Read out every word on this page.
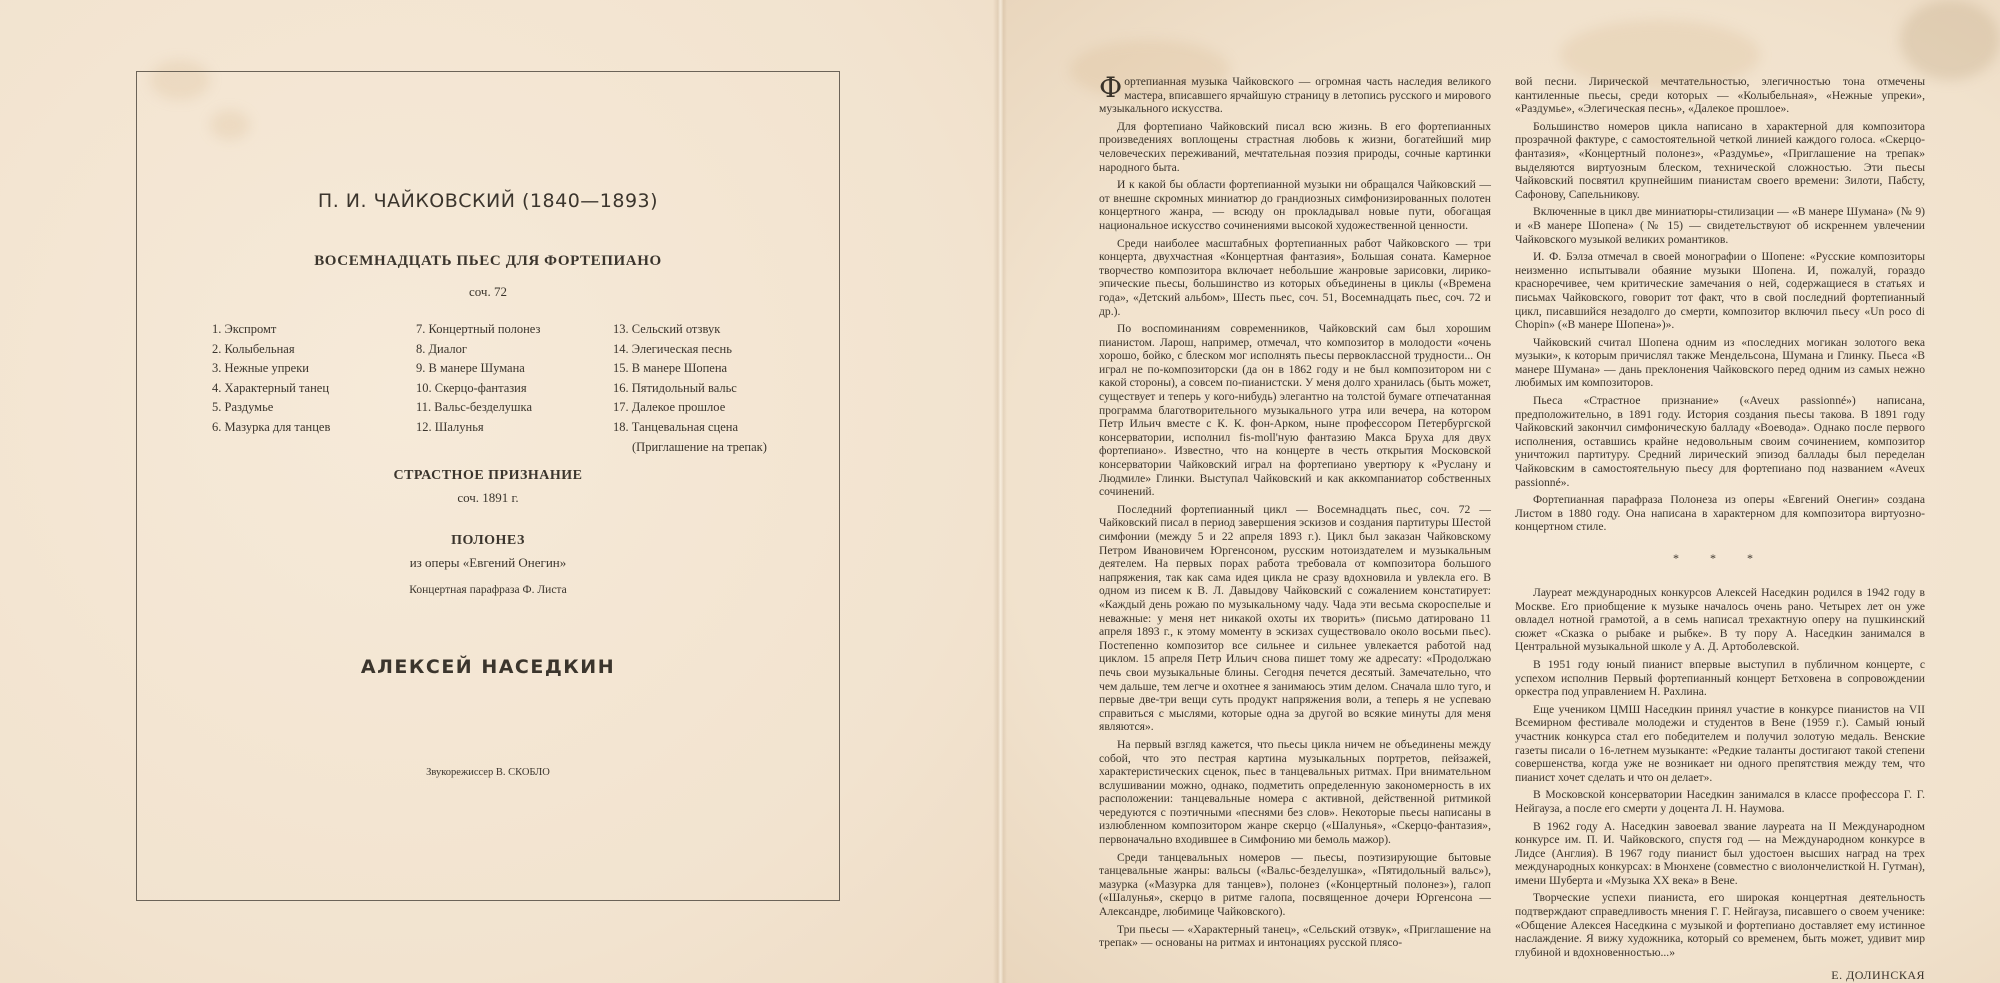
П. И. ЧАЙКОВСКИЙ (1840—1893)
ВОСЕМНАДЦАТЬ ПЬЕС ДЛЯ ФОРТЕПИАНО
соч. 72
1. Экспромт
2. Колыбельная
3. Нежные упреки
4. Характерный танец
5. Раздумье
6. Мазурка для танцев
7. Концертный полонез
8. Диалог
9. В манере Шумана
10. Скерцо-фантазия
11. Вальс-безделушка
12. Шалунья
13. Сельский отзвук
14. Элегическая песнь
15. В манере Шопена
16. Пятидольный вальс
17. Далекое прошлое
18. Танцевальная сцена
(Приглашение на трепак)
СТРАСТНОЕ ПРИЗНАНИЕ
соч. 1891 г.
ПОЛОНЕЗ
из оперы «Евгений Онегин»
Концертная парафраза Ф. Листа
АЛЕКСЕЙ НАСЕДКИН
Звукорежиссер В. СКОБЛО

Фортепианная музыка Чайковского — огромная часть наследия великого мастера, вписавшего ярчайшую страницу в летопись русского и мирового музыкального искусства.

Для фортепиано Чайковский писал всю жизнь. В его фортепианных произведениях воплощены страстная любовь к жизни, богатейший мир человеческих переживаний, мечтательная поэзия природы, сочные картинки народного быта.

И к какой бы области фортепианной музыки ни обращался Чайковский — от внешне скромных миниатюр до грандиозных симфонизированных полотен концертного жанра, — всюду он прокладывал новые пути, обогащая национальное искусство сочинениями высокой художественной ценности.

Среди наиболее масштабных фортепианных работ Чайковского — три концерта, двухчастная «Концертная фантазия», Большая соната. Камерное творчество композитора включает небольшие жанровые зарисовки, лирико-эпические пьесы, большинство из которых объединены в циклы («Времена года», «Детский альбом», Шесть пьес, соч. 51, Восемнадцать пьес, соч. 72 и др.).

По воспоминаниям современников, Чайковский сам был хорошим пианистом. Ларош, например, отмечал, что композитор в молодости «очень хорошо, бойко, с блеском мог исполнять пьесы первоклассной трудности... Он играл не по-композиторски (да он в 1862 году и не был композитором ни с какой стороны), а совсем по-пианистски. У меня долго хранилась (быть может, существует и теперь у кого-нибудь) элегантно на толстой бумаге отпечатанная программа благотворительного музыкального утра или вечера, на котором Петр Ильич вместе с К. К. фон-Арком, ныне профессором Петербургской консерватории, исполнил fis-moll'ную фантазию Макса Бруха для двух фортепиано». Известно, что на концерте в честь открытия Московской консерватории Чайковский играл на фортепиано увертюру к «Руслану и Людмиле» Глинки. Выступал Чайковский и как аккомпаниатор собственных сочинений.

Последний фортепианный цикл — Восемнадцать пьес, соч. 72 — Чайковский писал в период завершения эскизов и создания партитуры Шестой симфонии (между 5 и 22 апреля 1893 г.). Цикл был заказан Чайковскому Петром Ивановичем Юргенсоном, русским нотоиздателем и музыкальным деятелем. На первых порах работа требовала от композитора большого напряжения, так как сама идея цикла не сразу вдохновила и увлекла его. В одном из писем к В. Л. Давыдову Чайковский с сожалением констатирует: «Каждый день рожаю по музыкальному чаду. Чада эти весьма скороспелые и неважные: у меня нет никакой охоты их творить» (письмо датировано 11 апреля 1893 г., к этому моменту в эскизах существовало около восьми пьес). Постепенно композитор все сильнее и сильнее увлекается работой над циклом. 15 апреля Петр Ильич снова пишет тому же адресату: «Продолжаю печь свои музыкальные блины. Сегодня печется десятый. Замечательно, что чем дальше, тем легче и охотнее я занимаюсь этим делом. Сначала шло туго, и первые две-три вещи суть продукт напряжения воли, а теперь я не успеваю справиться с мыслями, которые одна за другой во всякие минуты для меня являются».

На первый взгляд кажется, что пьесы цикла ничем не объединены между собой, что это пестрая картина музыкальных портретов, пейзажей, характеристических сценок, пьес в танцевальных ритмах. При внимательном вслушивании можно, однако, подметить определенную закономерность в их расположении: танцевальные номера с активной, действенной ритмикой чередуются с поэтичными «песнями без слов». Некоторые пьесы написаны в излюбленном композитором жанре скерцо («Шалунья», «Скерцо-фантазия», первоначально входившее в Симфонию ми бемоль мажор).

Среди танцевальных номеров — пьесы, поэтизирующие бытовые танцевальные жанры: вальсы («Вальс-безделушка», «Пятидольный вальс»), мазурка («Мазурка для танцев»), полонез («Концертный полонез»), галоп («Шалунья», скерцо в ритме галопа, посвященное дочери Юргенсона — Александре, любимице Чайковского).

Три пьесы — «Характерный танец», «Сельский отзвук», «Приглашение на трепак» — основаны на ритмах и интонациях русской плясо-

вой песни. Лирической мечтательностью, элегичностью тона отмечены кантиленные пьесы, среди которых — «Колыбельная», «Нежные упреки», «Раздумье», «Элегическая песнь», «Далекое прошлое».

Большинство номеров цикла написано в характерной для композитора прозрачной фактуре, с самостоятельной четкой линией каждого голоса. «Скерцо-фантазия», «Концертный полонез», «Раздумье», «Приглашение на трепак» выделяются виртуозным блеском, технической сложностью. Эти пьесы Чайковский посвятил крупнейшим пианистам своего времени: Зилоти, Пабсту, Сафонову, Сапельникову.

Включенные в цикл две миниатюры-стилизации — «В манере Шумана» (№ 9) и «В манере Шопена» (№ 15) — свидетельствуют об искреннем увлечении Чайковского музыкой великих романтиков.

И. Ф. Бэлза отмечал в своей монографии о Шопене: «Русские композиторы неизменно испытывали обаяние музыки Шопена. И, пожалуй, гораздо красноречивее, чем критические замечания о ней, содержащиеся в статьях и письмах Чайковского, говорит тот факт, что в свой последний фортепианный цикл, писавшийся незадолго до смерти, композитор включил пьесу «Un poco di Chopin» («В манере Шопена»)».

Чайковский считал Шопена одним из «последних могикан золотого века музыки», к которым причислял также Мендельсона, Шумана и Глинку. Пьеса «В манере Шумана» — дань преклонения Чайковского перед одним из самых нежно любимых им композиторов.

Пьеса «Страстное признание» («Aveux passionné») написана, предположительно, в 1891 году. История создания пьесы такова. В 1891 году Чайковский закончил симфоническую балладу «Воевода». Однако после первого исполнения, оставшись крайне недовольным своим сочинением, композитор уничтожил партитуру. Средний лирический эпизод баллады был переделан Чайковским в самостоятельную пьесу для фортепиано под названием «Aveux passionné».

Фортепианная парафраза Полонеза из оперы «Евгений Онегин» создана Листом в 1880 году. Она написана в характерном для композитора виртуозно-концертном стиле.

* * *

Лауреат международных конкурсов Алексей Наседкин родился в 1942 году в Москве. Его приобщение к музыке началось очень рано. Четырех лет он уже овладел нотной грамотой, а в семь написал трехактную оперу на пушкинский сюжет «Сказка о рыбаке и рыбке». В ту пору А. Наседкин занимался в Центральной музыкальной школе у А. Д. Артоболевской.

В 1951 году юный пианист впервые выступил в публичном концерте, с успехом исполнив Первый фортепианный концерт Бетховена в сопровождении оркестра под управлением Н. Рахлина.

Еще учеником ЦМШ Наседкин принял участие в конкурсе пианистов на VII Всемирном фестивале молодежи и студентов в Вене (1959 г.). Самый юный участник конкурса стал его победителем и получил золотую медаль. Венские газеты писали о 16-летнем музыканте: «Редкие таланты достигают такой степени совершенства, когда уже не возникает ни одного препятствия между тем, что пианист хочет сделать и что он делает».

В Московской консерватории Наседкин занимался в классе профессора Г. Г. Нейгауза, а после его смерти у доцента Л. Н. Наумова.

В 1962 году А. Наседкин завоевал звание лауреата на II Международном конкурсе им. П. И. Чайковского, спустя год — на Международном конкурсе в Лидсе (Англия). В 1967 году пианист был удостоен высших наград на трех международных конкурсах: в Мюнхене (совместно с виолончелисткой Н. Гутман), имени Шуберта и «Музыка XX века» в Вене.

Творческие успехи пианиста, его широкая концертная деятельность подтверждают справедливость мнения Г. Г. Нейгауза, писавшего о своем ученике: «Общение Алексея Наседкина с музыкой и фортепиано доставляет ему истинное наслаждение. Я вижу художника, который со временем, быть может, удивит мир глубиной и вдохновенностью...»

Е. ДОЛИНСКАЯ
